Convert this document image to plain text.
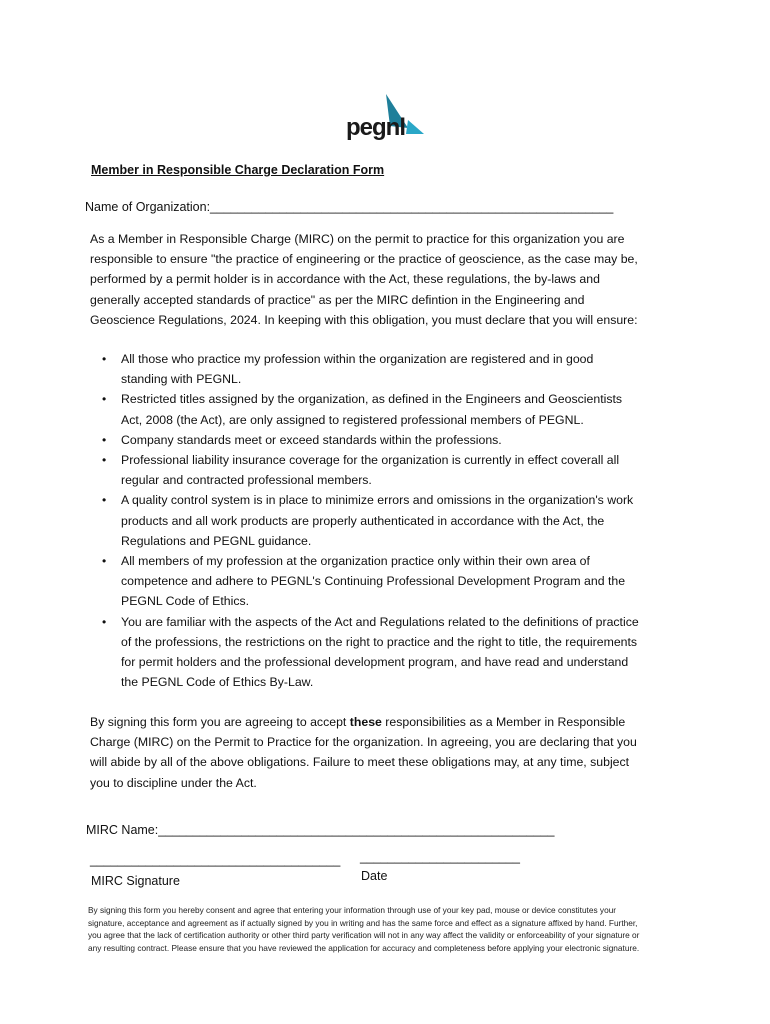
pegnl
Member in Responsible Charge Declaration Form
Name of Organization:__________________________________________________________

As a Member in Responsible Charge (MIRC) on the permit to practice for this organization you are responsible to ensure "the practice of engineering or the practice of geoscience, as the case may be, performed by a permit holder is in accordance with the Act, these regulations, the by-laws and generally accepted standards of practice" as per the MIRC defintion in the Engineering and Geoscience Regulations, 2024. In keeping with this obligation, you must declare that you will ensure:

• All those who practice my profession within the organization are registered and in good standing with PEGNL.
• Restricted titles assigned by the organization, as defined in the Engineers and Geoscientists Act, 2008 (the Act), are only assigned to registered professional members of PEGNL.
• Company standards meet or exceed standards within the professions.
• Professional liability insurance coverage for the organization is currently in effect coverall all regular and contracted professional members.
• A quality control system is in place to minimize errors and omissions in the organization's work products and all work products are properly authenticated in accordance with the Act, the Regulations and PEGNL guidance.
• All members of my profession at the organization practice only within their own area of competence and adhere to PEGNL's Continuing Professional Development Program and the PEGNL Code of Ethics.
• You are familiar with the aspects of the Act and Regulations related to the definitions of practice of the professions, the restrictions on the right to practice and the right to title, the requirements for permit holders and the professional development program, and have read and understand the PEGNL Code of Ethics By-Law.

By signing this form you are agreeing to accept these responsibilities as a Member in Responsible Charge (MIRC) on the Permit to Practice for the organization. In agreeing, you are declaring that you will abide by all of the above obligations. Failure to meet these obligations may, at any time, subject you to discipline under the Act.

MIRC Name:_________________________________________________________
____________________________________
MIRC Signature
_______________________
Date

By signing this form you hereby consent and agree that entering your information through use of your key pad, mouse or device constitutes your signature, acceptance and agreement as if actually signed by you in writing and has the same force and effect as a signature affixed by hand. Further, you agree that the lack of certification authority or other third party verification will not in any way affect the validity or enforceability of your signature or any resulting contract. Please ensure that you have reviewed the application for accuracy and completeness before applying your electronic signature.
